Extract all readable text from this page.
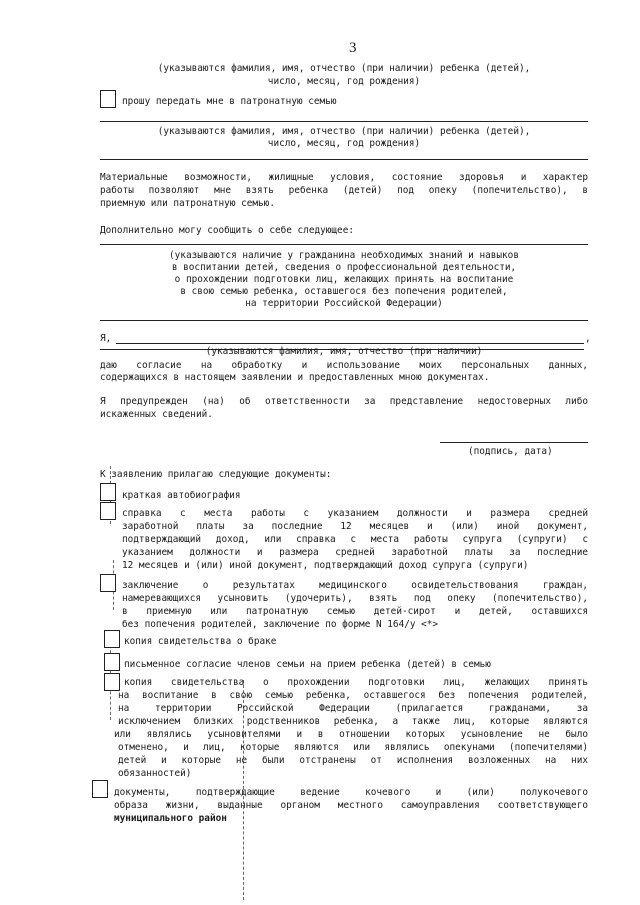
3
(указываются фамилия, имя, отчество (при наличии) ребенка (детей),
число, месяц, год рождения)
прошу передать мне в патронатную семью
(указываются фамилия, имя, отчество (при наличии) ребенка (детей),
число, месяц, год рождения)
Материальные возможности, жилищные условия, состояние здоровья и характер
работы позволяют мне взять ребенка (детей) под опеку (попечительство), в
приемную или патронатную семью.
Дополнительно могу сообщить о себе следующее:
(указываются наличие у гражданина необходимых знаний и навыков
в воспитании детей, сведения о профессиональной деятельности,
о прохождении подготовки лиц, желающих принять на воспитание
в свою семью ребенка, оставшегося без попечения родителей,
на территории Российской Федерации)
Я,	,
(указываются фамилия, имя, отчество (при наличии)
даю согласие на обработку и использование моих персональных данных,
содержащихся в настоящем заявлении и предоставленных мною документах.
Я предупрежден (на) об ответственности за представление недостоверных либо
искаженных сведений.
(подпись, дата)
К заявлению прилагаю следующие документы:
краткая автобиография
справка с места работы с указанием должности и размера средней
заработной платы за последние 12 месяцев и (или) иной документ,
подтверждающий доход, или справка с места работы супруга (супруги) с
указанием должности и размера средней заработной платы за последние
12 месяцев и (или) иной документ, подтверждающий доход супруга (супруги)
заключение о результатах медицинского освидетельствования граждан,
намеревающихся усыновить (удочерить), взять под опеку (попечительство),
в приемную или патронатную семью детей-сирот и детей, оставшихся
без попечения родителей, заключение по форме N 164/у <*>
копия свидетельства о браке
письменное согласие членов семьи на прием ребенка (детей) в семью
копия свидетельства о прохождении подготовки лиц, желающих принять
на воспитание в свою семью ребенка, оставшегося без попечения родителей,
на территории Российской Федерации (прилагается гражданами, за
исключением близких родственников ребенка, а также лиц, которые являются
или являлись усыновителями и в отношении которых усыновление не было
отменено, и лиц, которые являются или являлись опекунами (попечителями)
детей и которые не были отстранены от исполнения возложенных на них
обязанностей)
документы, подтверждающие ведение кочевого и (или) полукочевого
образа жизни, выданные органом местного самоуправления соответствующего
муниципального район
